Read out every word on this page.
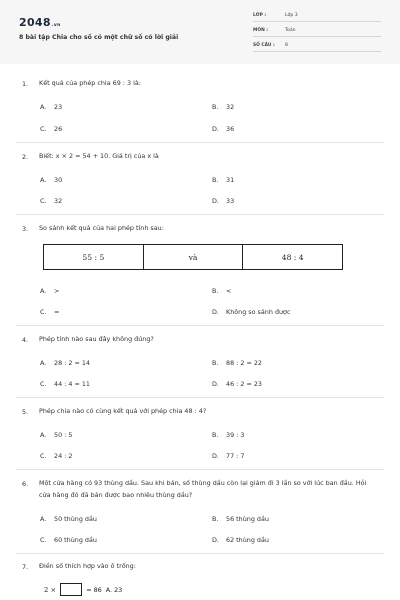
2048.vn
8 bài tập Chia cho số có một chữ số có lời giải
LỚP :	Lớp 3
MÔN :	Toán
SỐ CÂU : 8
1. Kết quả của phép chia 69 : 3 là:
A. 23	B. 32
C. 26	D. 36
2. Biết: x × 2 = 54 + 10. Giá trị của x là
A. 30	B. 31
C. 32	D. 33
3. So sánh kết quả của hai phép tính sau:
55 : 5	và	48 : 4
A. >	B. <
C. =	D. Không so sánh được
4. Phép tính nào sau đây không đúng?
A. 28 : 2 = 14	B. 88 : 2 = 22
C. 44 : 4 = 11	D. 46 : 2 = 23
5. Phép chia nào có cùng kết quả với phép chia 48 : 4?
A. 50 : 5	B. 39 : 3
C. 24 : 2	D. 77 : 7
6. Một cửa hàng có 93 thùng dầu. Sau khi bán, số thùng dầu còn lại giảm đi 3 lần so với lúc ban đầu. Hỏi cửa hàng đó đã bán được bao nhiêu thùng dầu?
A. 50 thùng dầu	B. 56 thùng dầu
C. 60 thùng dầu	D. 62 thùng dầu
7. Điền số thích hợp vào ô trống:
2 ×	= 86 A. 23
